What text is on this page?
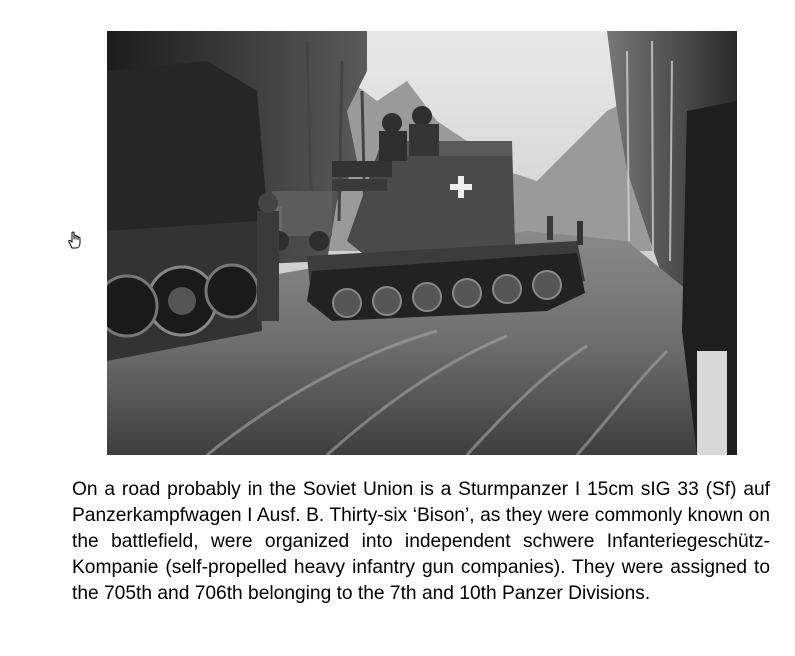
On a road probably in the Soviet Union is a Sturmpanzer I 15cm sIG 33 (Sf) auf Panzerkampfwagen I Ausf. B. Thirty-six ‘Bison’, as they were commonly known on the battlefield, were organized into independent schwere Infanteriegeschütz-Kompanie (self-propelled heavy infantry gun companies). They were assigned to the 705th and 706th belonging to the 7th and 10th Panzer Divisions.
